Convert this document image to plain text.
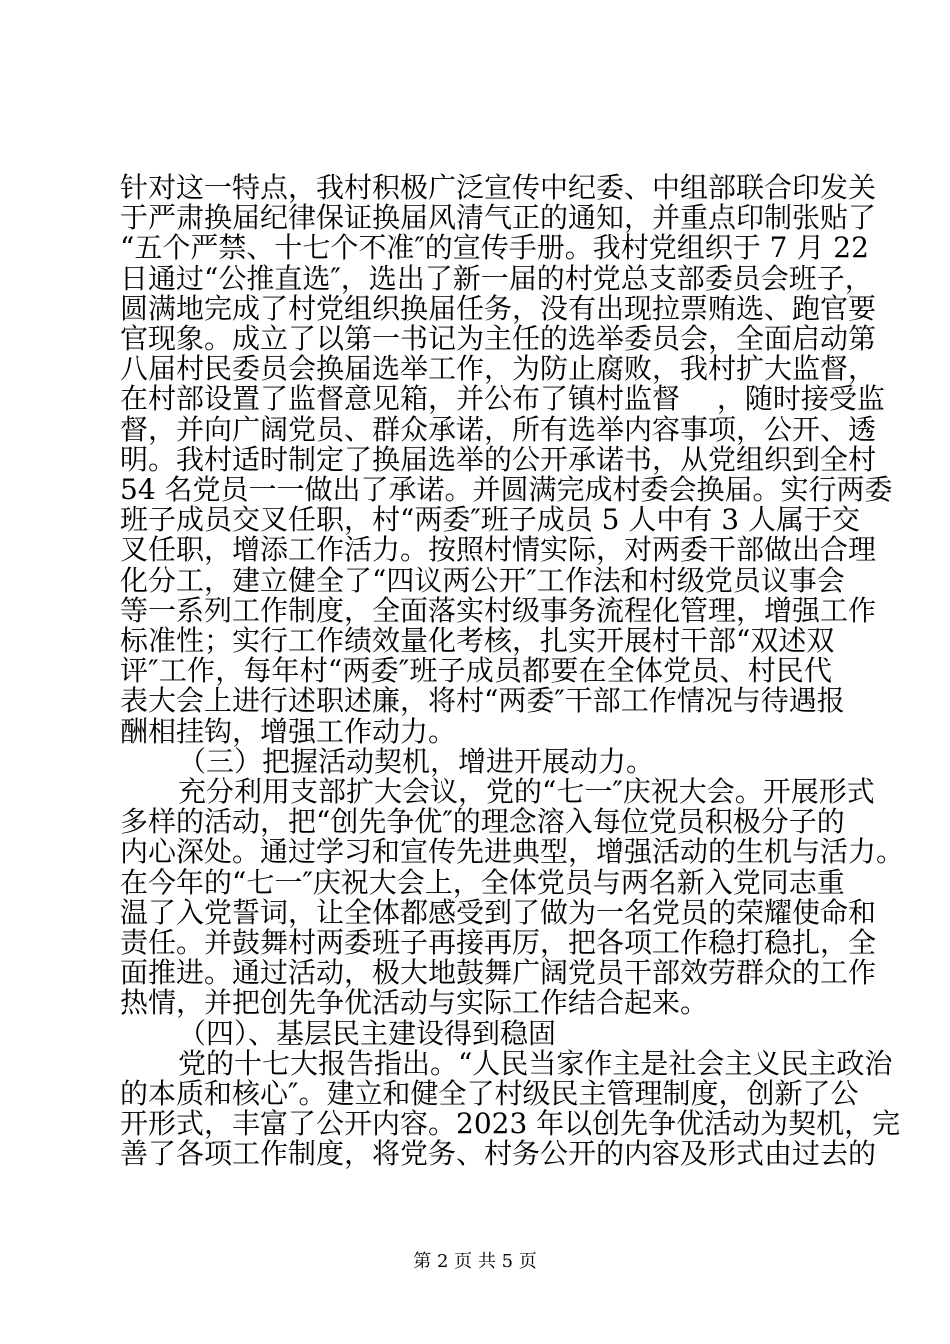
针对这一特点，我村积极广泛宣传中纪委、中组部联合印发关
于严肃换届纪律保证换届风清气正的通知，并重点印制张贴了
“五个严禁、十七个不准″的宣传手册。我村党组织于 7 月 22
日通过“公推直选″，选出了新一届的村党总支部委员会班子，
圆满地完成了村党组织换届任务，没有出现拉票贿选、跑官要
官现象。成立了以第一书记为主任的选举委员会，全面启动第
八届村民委员会换届选举工作，为防止腐败，我村扩大监督，
在村部设置了监督意见箱，并公布了镇村监督　 ，随时接受监
督，并向广阔党员、群众承诺，所有选举内容事项，公开、透
明。我村适时制定了换届选举的公开承诺书，从党组织到全村
54 名党员一一做出了承诺。并圆满完成村委会换届。实行两委
班子成员交叉任职，村“两委″班子成员 5 人中有 3 人属于交
叉任职，增添工作活力。按照村情实际，对两委干部做出合理
化分工，建立健全了“四议两公开″工作法和村级党员议事会
等一系列工作制度，全面落实村级事务流程化管理，增强工作
标准性；实行工作绩效量化考核，扎实开展村干部“双述双
评″工作，每年村“两委″班子成员都要在全体党员、村民代
表大会上进行述职述廉，将村“两委″干部工作情况与待遇报
酬相挂钩，增强工作动力。
（三）把握活动契机，增进开展动力。
充分利用支部扩大会议，党的“七一″庆祝大会。开展形式
多样的活动，把“创先争优″的理念溶入每位党员积极分子的
内心深处。通过学习和宣传先进典型，增强活动的生机与活力。
在今年的“七一″庆祝大会上，全体党员与两名新入党同志重
温了入党誓词，让全体都感受到了做为一名党员的荣耀使命和
责任。并鼓舞村两委班子再接再厉，把各项工作稳打稳扎，全
面推进。通过活动，极大地鼓舞广阔党员干部效劳群众的工作
热情，并把创先争优活动与实际工作结合起来。
（四）、基层民主建设得到稳固
党的十七大报告指出。“人民当家作主是社会主义民主政治
的本质和核心″。建立和健全了村级民主管理制度，创新了公
开形式，丰富了公开内容。2023 年以创先争优活动为契机，完
善了各项工作制度，将党务、村务公开的内容及形式由过去的
第 2 页 共 5 页
